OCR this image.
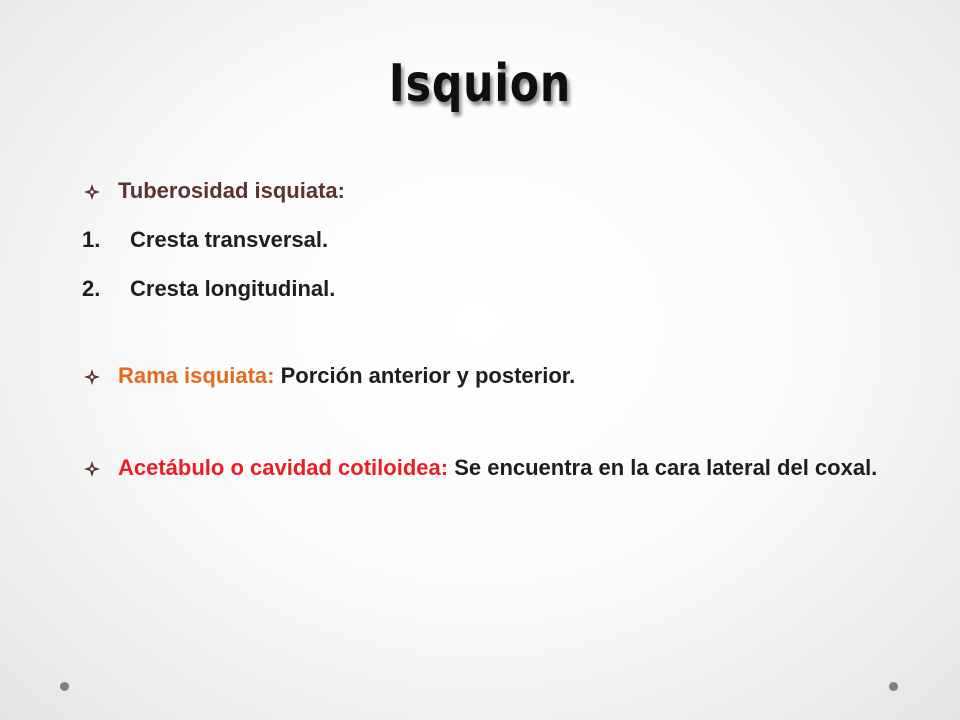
Isquion
Tuberosidad isquiata:
1.	Cresta transversal.
2.	Cresta longitudinal.
Rama isquiata: Porción anterior y posterior.
Acetábulo o cavidad cotiloidea: Se encuentra en la cara lateral del coxal.
